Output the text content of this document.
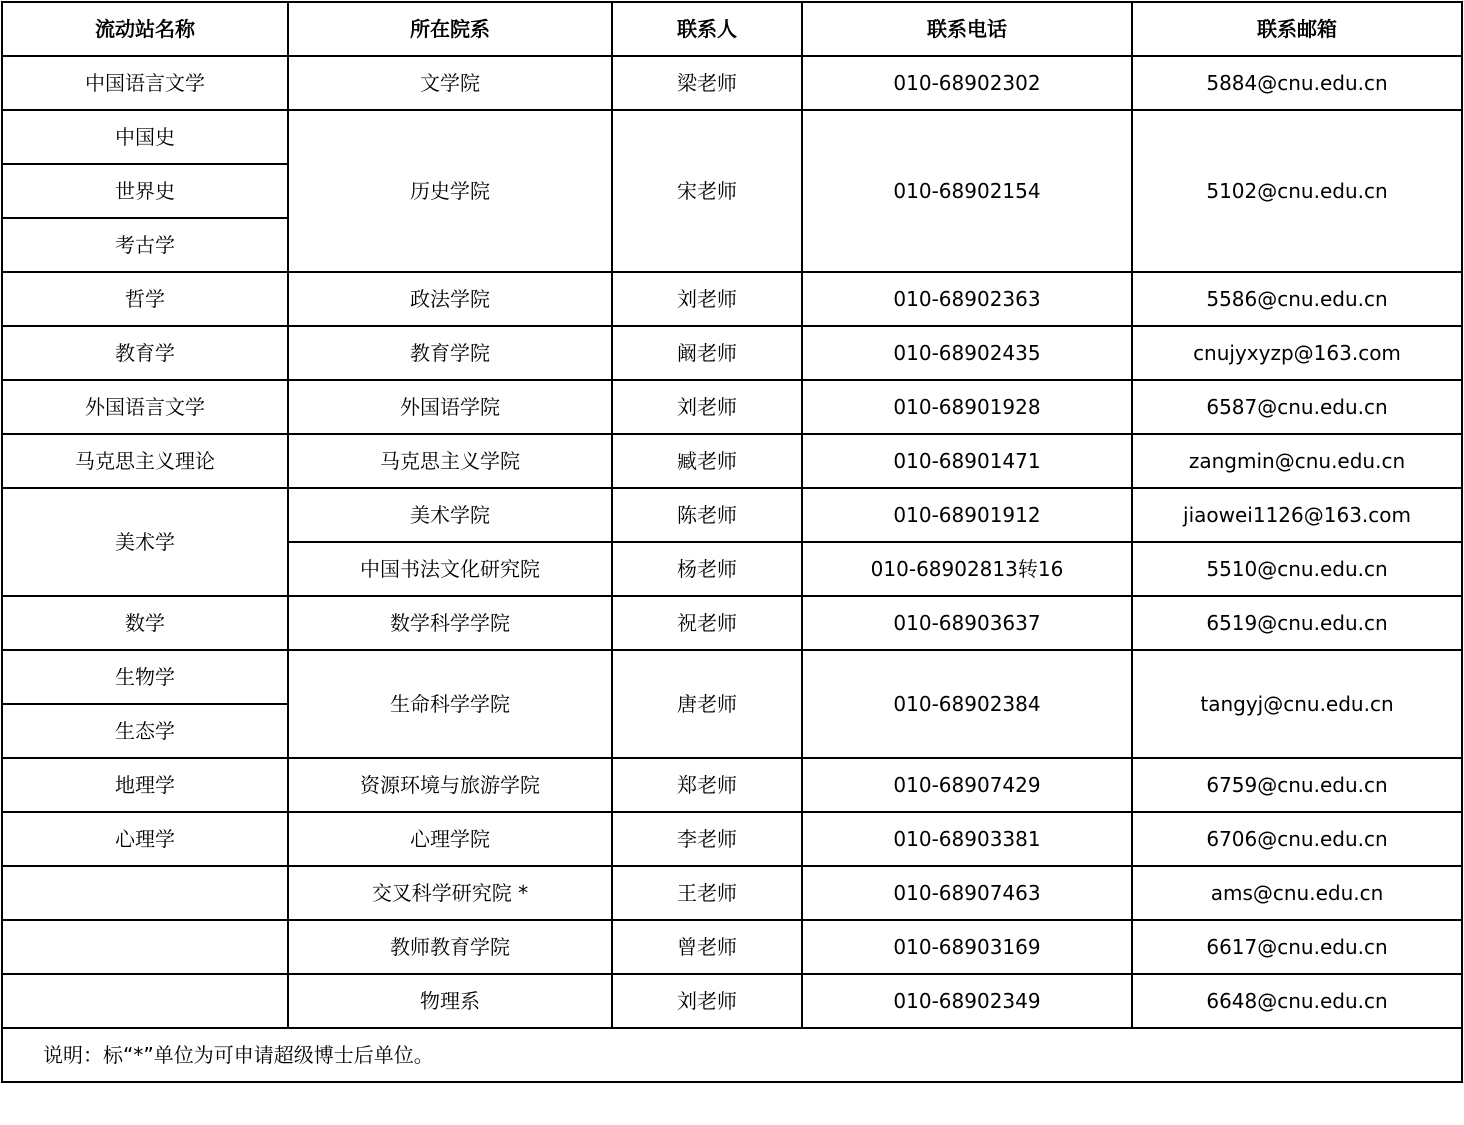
流动站名称	所在院系	联系人	联系电话	联系邮箱
中国语言文学	文学院	梁老师	010-68902302	5884@cnu.edu.cn
中国史	历史学院	宋老师	010-68902154	5102@cnu.edu.cn
世界史				
考古学				
哲学	政法学院	刘老师	010-68902363	5586@cnu.edu.cn
教育学	教育学院	阚老师	010-68902435	cnujyxyzp@163.com
外国语言文学	外国语学院	刘老师	010-68901928	6587@cnu.edu.cn
马克思主义理论	马克思主义学院	臧老师	010-68901471	zangmin@cnu.edu.cn
美术学	美术学院	陈老师	010-68901912	jiaowei1126@163.com
	中国书法文化研究院	杨老师	010-68902813转16	5510@cnu.edu.cn
数学	数学科学学院	祝老师	010-68903637	6519@cnu.edu.cn
生物学	生命科学学院	唐老师	010-68902384	tangyj@cnu.edu.cn
生态学				
地理学	资源环境与旅游学院	郑老师	010-68907429	6759@cnu.edu.cn
心理学	心理学院	李老师	010-68903381	6706@cnu.edu.cn
	交叉科学研究院 *	王老师	010-68907463	ams@cnu.edu.cn
	教师教育学院	曾老师	010-68903169	6617@cnu.edu.cn
	物理系	刘老师	010-68902349	6648@cnu.edu.cn
说明：标“*”单位为可申请超级博士后单位。				
